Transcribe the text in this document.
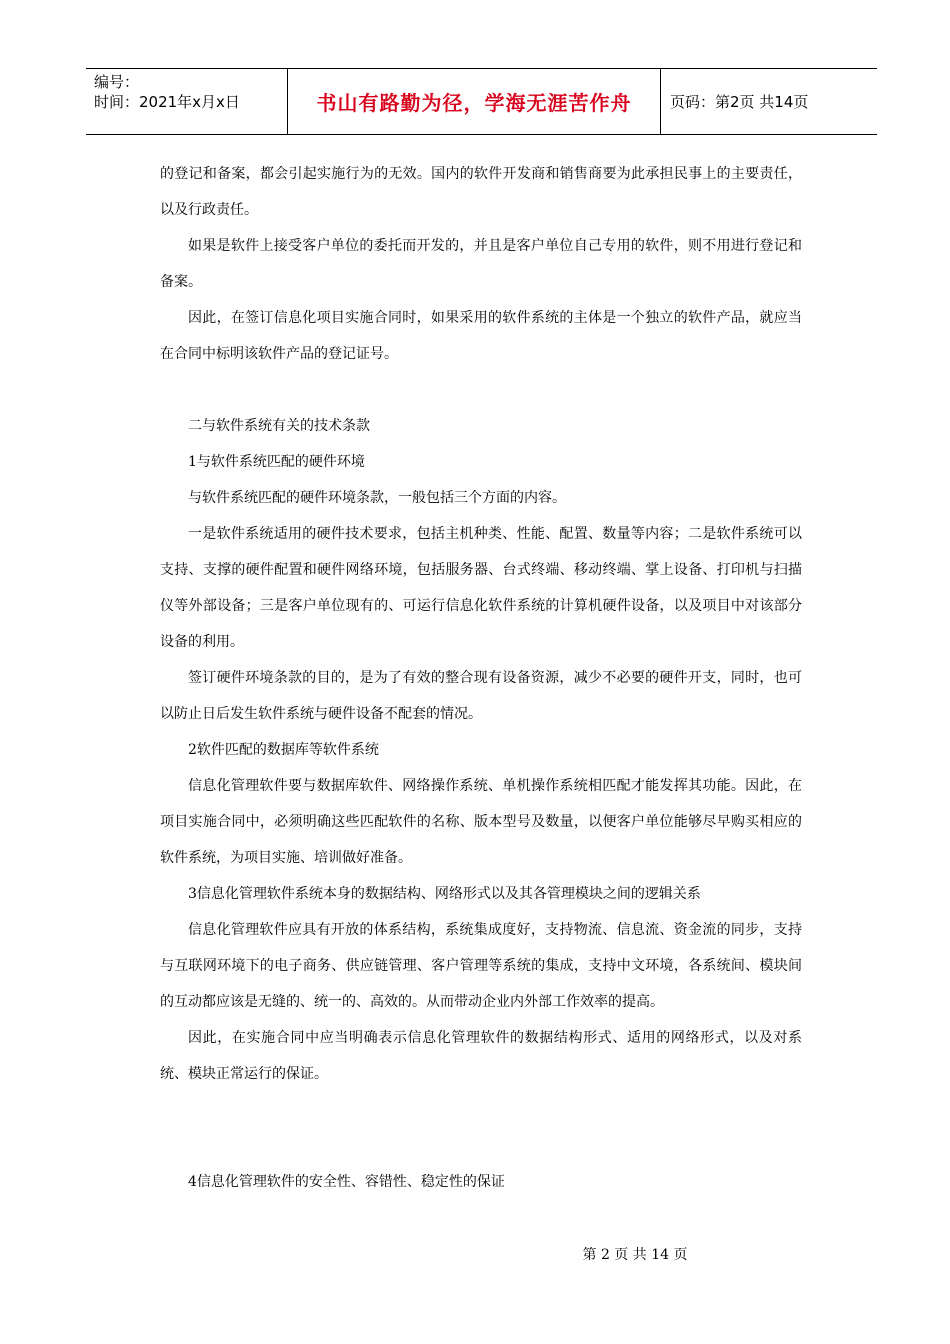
编号：
时间：2021年x月x日	书山有路勤为径，学海无涯苦作舟	页码：第2页 共14页

的登记和备案，都会引起实施行为的无效。国内的软件开发商和销售商要为此承担民事上的主要责任，以及行政责任。

如果是软件上接受客户单位的委托而开发的，并且是客户单位自己专用的软件，则不用进行登记和备案。

因此，在签订信息化项目实施合同时，如果采用的软件系统的主体是一个独立的软件产品，就应当在合同中标明该软件产品的登记证号。

二与软件系统有关的技术条款

1与软件系统匹配的硬件环境

与软件系统匹配的硬件环境条款，一般包括三个方面的内容。

一是软件系统适用的硬件技术要求，包括主机种类、性能、配置、数量等内容；二是软件系统可以支持、支撑的硬件配置和硬件网络环境，包括服务器、台式终端、移动终端、掌上设备、打印机与扫描仪等外部设备；三是客户单位现有的、可运行信息化软件系统的计算机硬件设备，以及项目中对该部分设备的利用。

签订硬件环境条款的目的，是为了有效的整合现有设备资源，减少不必要的硬件开支，同时，也可以防止日后发生软件系统与硬件设备不配套的情况。

2软件匹配的数据库等软件系统

信息化管理软件要与数据库软件、网络操作系统、单机操作系统相匹配才能发挥其功能。因此，在项目实施合同中，必须明确这些匹配软件的名称、版本型号及数量，以便客户单位能够尽早购买相应的软件系统，为项目实施、培训做好准备。

3信息化管理软件系统本身的数据结构、网络形式以及其各管理模块之间的逻辑关系

信息化管理软件应具有开放的体系结构，系统集成度好，支持物流、信息流、资金流的同步，支持与互联网环境下的电子商务、供应链管理、客户管理等系统的集成，支持中文环境，各系统间、模块间的互动都应该是无缝的、统一的、高效的。从而带动企业内外部工作效率的提高。

因此，在实施合同中应当明确表示信息化管理软件的数据结构形式、适用的网络形式，以及对系统、模块正常运行的保证。

4信息化管理软件的安全性、容错性、稳定性的保证

第 2 页 共 14 页
